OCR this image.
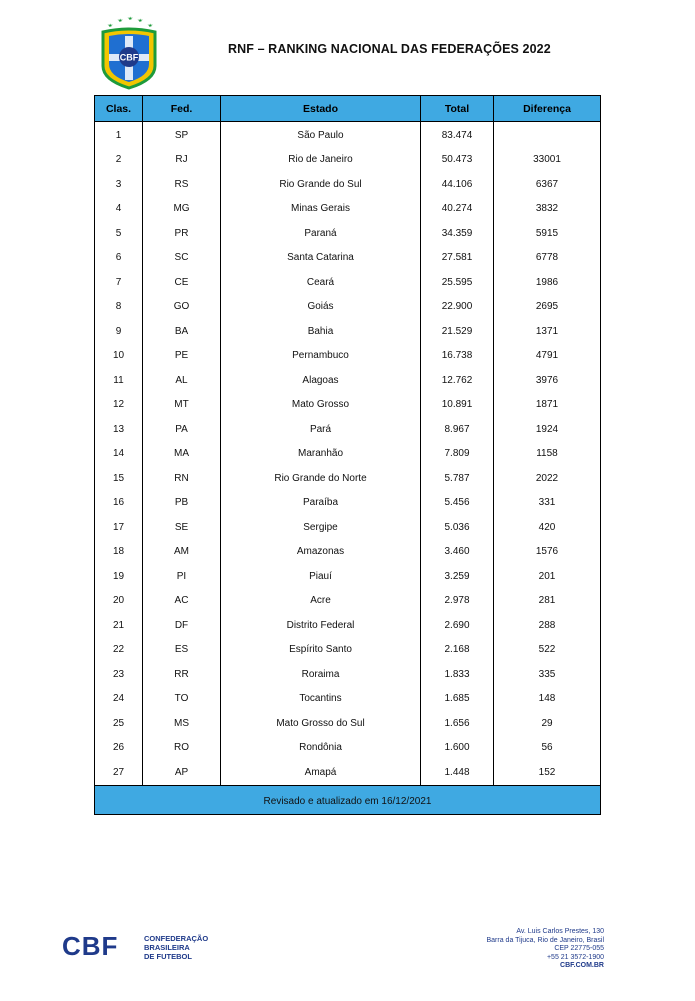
CBF
RNF – RANKING NACIONAL DAS FEDERAÇÕES 2022
Clas.	Fed.	Estado	Total	Diferença
1	SP	São Paulo	83.474	
2	RJ	Rio de Janeiro	50.473	33001
3	RS	Rio Grande do Sul	44.106	6367
4	MG	Minas Gerais	40.274	3832
5	PR	Paraná	34.359	5915
6	SC	Santa Catarina	27.581	6778
7	CE	Ceará	25.595	1986
8	GO	Goiás	22.900	2695
9	BA	Bahia	21.529	1371
10	PE	Pernambuco	16.738	4791
11	AL	Alagoas	12.762	3976
12	MT	Mato Grosso	10.891	1871
13	PA	Pará	8.967	1924
14	MA	Maranhão	7.809	1158
15	RN	Rio Grande do Norte	5.787	2022
16	PB	Paraíba	5.456	331
17	SE	Sergipe	5.036	420
18	AM	Amazonas	3.460	1576
19	PI	Piauí	3.259	201
20	AC	Acre	2.978	281
21	DF	Distrito Federal	2.690	288
22	ES	Espírito Santo	2.168	522
23	RR	Roraima	1.833	335
24	TO	Tocantins	1.685	148
25	MS	Mato Grosso do Sul	1.656	29
26	RO	Rondônia	1.600	56
27	AP	Amapá	1.448	152
Revisado e atualizado em 16/12/2021				
CBF	CONFEDERAÇÃO
BRASILEIRA
DE FUTEBOL
Av. Luis Carlos Prestes, 130
Barra da Tijuca, Rio de Janeiro, Brasil
CEP 22775-055
+55 21 3572-1900
CBF.COM.BR
